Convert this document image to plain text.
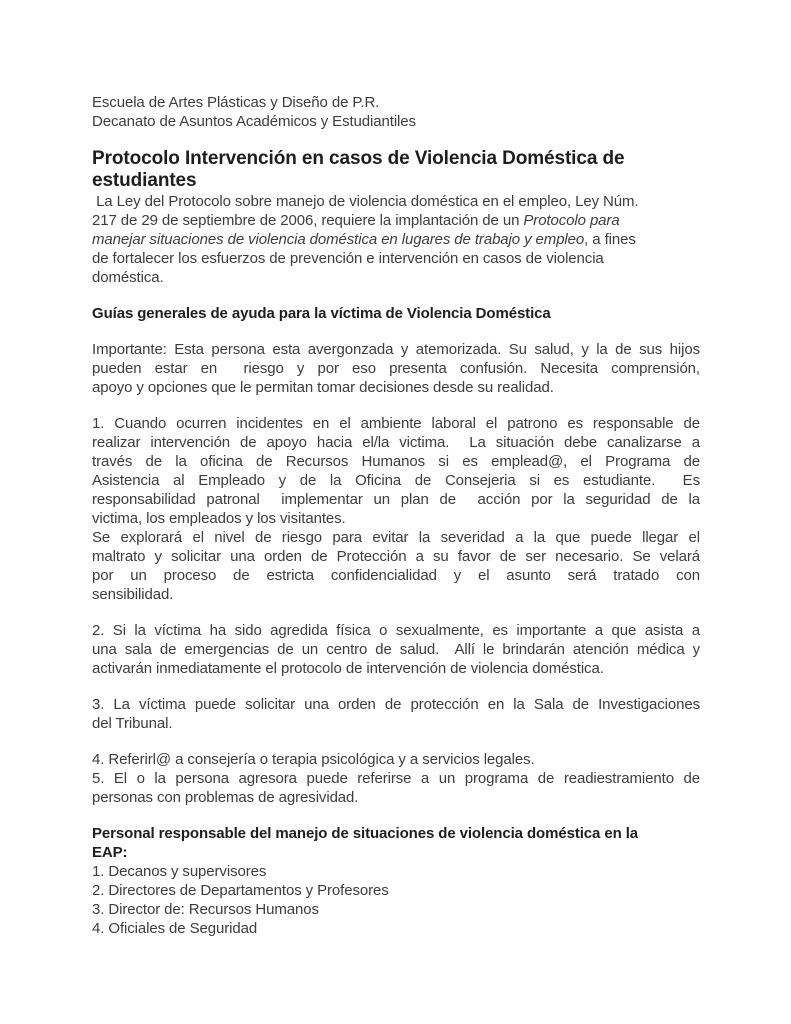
Escuela de Artes Plásticas y Diseño de P.R.
Decanato de Asuntos Académicos y Estudiantiles
Protocolo Intervención en casos de Violencia Doméstica de
estudiantes
La Ley del Protocolo sobre manejo de violencia doméstica en el empleo, Ley Núm.
217 de 29 de septiembre de 2006, requiere la implantación de un Protocolo para
manejar situaciones de violencia doméstica en lugares de trabajo y empleo, a fines
de fortalecer los esfuerzos de prevención e intervención en casos de violencia
doméstica.
Guías generales de ayuda para la víctima de Violencia Doméstica
Importante: Esta persona esta avergonzada y atemorizada. Su salud, y la de sus hijos
pueden estar en  riesgo y por eso presenta confusión. Necesita comprensión,
apoyo y opciones que le permitan tomar decisiones desde su realidad.
1. Cuando ocurren incidentes en el ambiente laboral el patrono es responsable de
realizar intervención de apoyo hacia el/la victima.  La situación debe canalizarse a
través de la oficina de Recursos Humanos si es emplead@, el Programa de
Asistencia al Empleado y de la Oficina de Consejeria si es estudiante.  Es
responsabilidad patronal  implementar un plan de  acción por la seguridad de la
victima, los empleados y los visitantes.
Se explorará el nivel de riesgo para evitar la severidad a la que puede llegar el
maltrato y solicitar una orden de Protección a su favor de ser necesario. Se velará
por un proceso de estricta confidencialidad y el asunto será tratado con
sensibilidad.
2. Si la víctima ha sido agredida física o sexualmente, es importante a que asista a
una sala de emergencias de un centro de salud.  Allí le brindarán atención médica y
activarán inmediatamente el protocolo de intervención de violencia doméstica.
3. La víctima puede solicitar una orden de protección en la Sala de Investigaciones
del Tribunal.
4. Referirl@ a consejería o terapia psicológica y a servicios legales.
5. El o la persona agresora puede referirse a un programa de readiestramiento de
personas con problemas de agresividad.
Personal responsable del manejo de situaciones de violencia doméstica en la
EAP:
1. Decanos y supervisores
2. Directores de Departamentos y Profesores
3. Director de: Recursos Humanos
4. Oficiales de Seguridad
